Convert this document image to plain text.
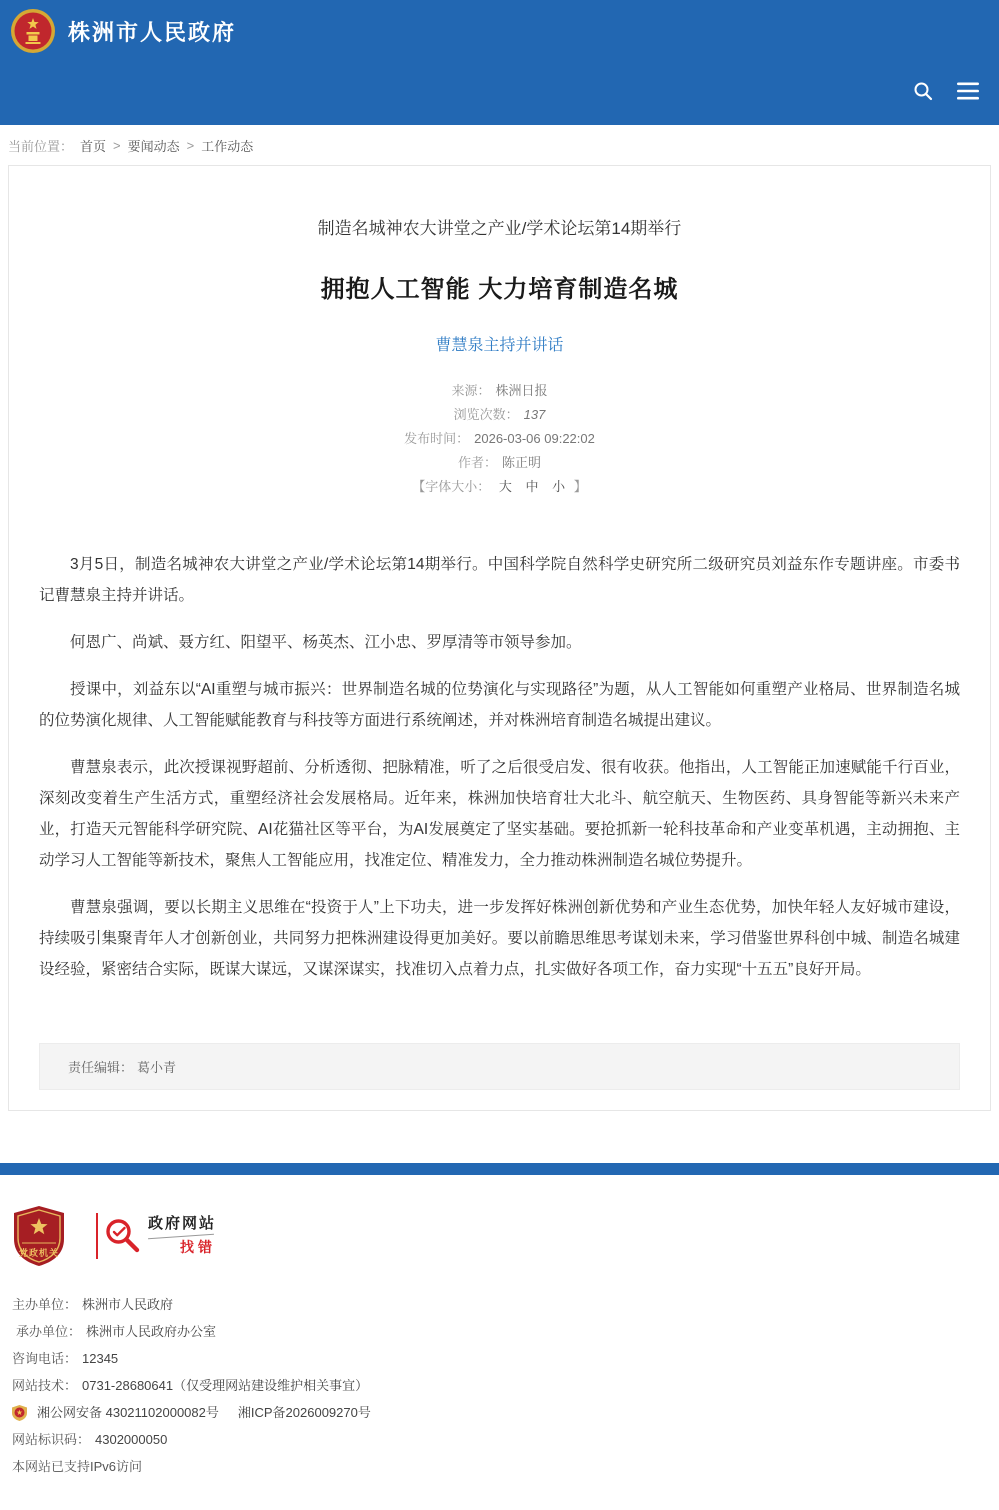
株洲市人民政府
当前位置： 首页 > 要闻动态 > 工作动态
制造名城神农大讲堂之产业/学术论坛第14期举行
拥抱人工智能 大力培育制造名城
曹慧泉主持并讲话
来源： 株洲日报
浏览次数： 137
发布时间： 2026-03-06 09:22:02
作者： 陈正明
【字体大小： 大 中 小 】

3月5日，制造名城神农大讲堂之产业/学术论坛第14期举行。中国科学院自然科学史研究所二级研究员刘益东作专题讲座。市委书记曹慧泉主持并讲话。

何恩广、尚斌、聂方红、阳望平、杨英杰、江小忠、罗厚清等市领导参加。

授课中，刘益东以“AI重塑与城市振兴：世界制造名城的位势演化与实现路径”为题，从人工智能如何重塑产业格局、世界制造名城的位势演化规律、人工智能赋能教育与科技等方面进行系统阐述，并对株洲培育制造名城提出建议。

曹慧泉表示，此次授课视野超前、分析透彻、把脉精准，听了之后很受启发、很有收获。他指出，人工智能正加速赋能千行百业，深刻改变着生产生活方式，重塑经济社会发展格局。近年来，株洲加快培育壮大北斗、航空航天、生物医药、具身智能等新兴未来产业，打造天元智能科学研究院、AI花猫社区等平台，为AI发展奠定了坚实基础。要抢抓新一轮科技革命和产业变革机遇，主动拥抱、主动学习人工智能等新技术，聚焦人工智能应用，找准定位、精准发力，全力推动株洲制造名城位势提升。

曹慧泉强调，要以长期主义思维在“投资于人”上下功夫，进一步发挥好株洲创新优势和产业生态优势，加快年轻人友好城市建设，持续吸引集聚青年人才创新创业，共同努力把株洲建设得更加美好。要以前瞻思维思考谋划未来，学习借鉴世界科创中城、制造名城建设经验，紧密结合实际，既谋大谋远，又谋深谋实，找准切入点着力点，扎实做好各项工作，奋力实现“十五五”良好开局。

责任编辑： 葛小青
党政机关
政府网站
找错
主办单位： 株洲市人民政府
承办单位： 株洲市人民政府办公室
咨询电话： 12345
网站技术： 0731-28680641（仅受理网站建设维护相关事宜）
湘公网安备 43021102000082号 湘ICP备2026009270号
网站标识码： 4302000050
本网站已支持IPv6访问
